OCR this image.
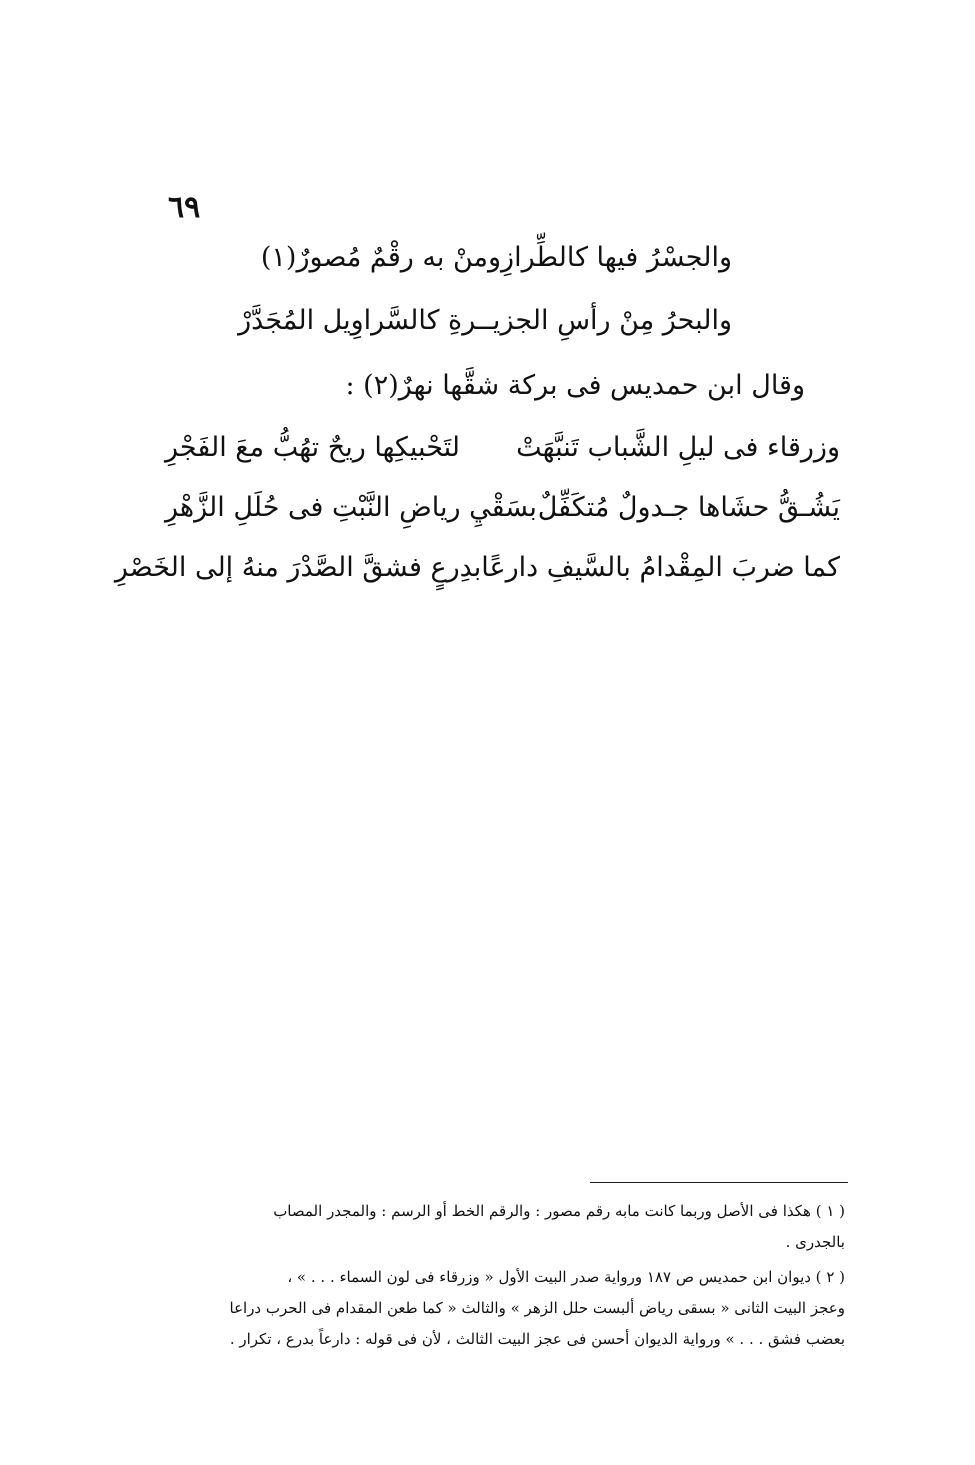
٦٩
والجسْرُ فيها كالطِّرازِ
ومنْ به رقْمٌ مُصورٌ(١)
والبحرُ مِنْ رأسِ الجزيـ
ـرةِ كالسَّراوِيل المُجَدَّرْ
وقال ابن حمديس فى بركة شقَّها نهرٌ(٢) :
وزرقاء فى ليلِ الشَّباب تَنبَّهَتْ
لتَحْبيكِها ريحٌ تهُبُّ معَ الفَجْرِ
يَشُـقُّ حشَاها جـدولٌ مُتكَفِّلٌ
بسَقْيِ رياضِ النَّبْتِ فى حُلَلِ الزَّهْرِ
كما ضربَ المِقْدامُ بالسَّيفِ دارعًا
بدِرعٍ فشقَّ الصَّدْرَ منهُ إلى الخَصْرِ

( ١ ) هكذا فى الأصل وربما كانت مابه رقم مصور : والرقم الخط أو الرسم : والمجدر المصاب

بالجدرى .

( ٢ ) ديوان ابن حمديس ص ١٨٧ ورواية صدر البيت الأول « وزرقاء فى لون السماء . . . » ،

وعجز البيت الثانى « بسقى رياض ألبست حلل الزهر » والثالث « كما طعن المقدام فى الحرب دراعا

بعضب فشق . . . » ورواية الديوان أحسن فى عجز البيت الثالث ، لأن فى قوله : دارعاً بدرع ، تكرار .
